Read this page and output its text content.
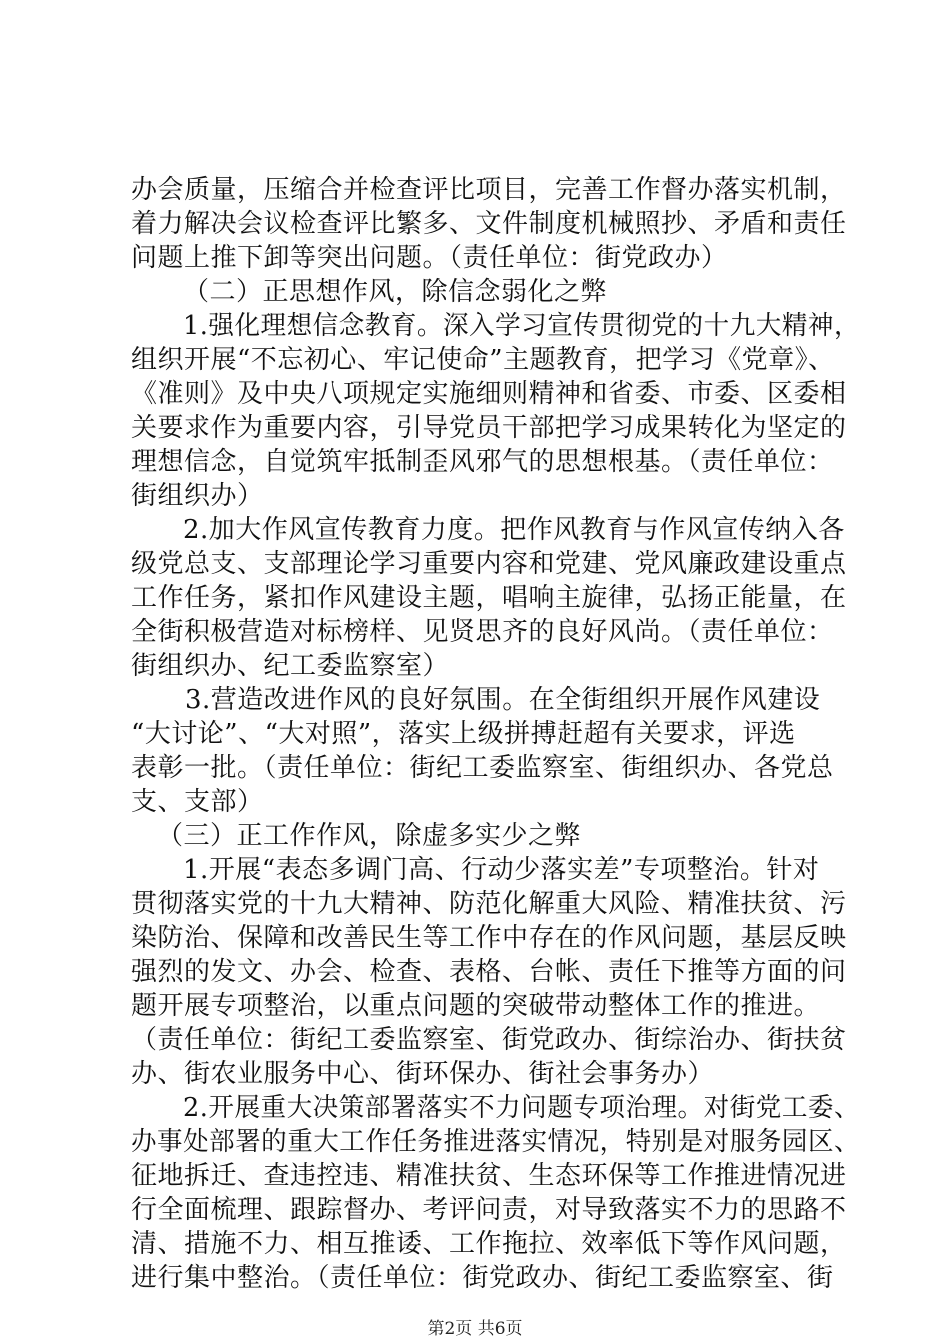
办会质量，压缩合并检查评比项目，完善工作督办落实机制，
着力解决会议检查评比繁多、文件制度机械照抄、矛盾和责任
问题上推下卸等突出问题。（责任单位：街党政办）
（二）正思想作风，除信念弱化之弊
1.强化理想信念教育。深入学习宣传贯彻党的十九大精神，
组织开展“不忘初心、牢记使命”主题教育，把学习《党章》、
《准则》及中央八项规定实施细则精神和省委、市委、区委相
关要求作为重要内容，引导党员干部把学习成果转化为坚定的
理想信念，自觉筑牢抵制歪风邪气的思想根基。（责任单位：
街组织办）
2.加大作风宣传教育力度。把作风教育与作风宣传纳入各
级党总支、支部理论学习重要内容和党建、党风廉政建设重点
工作任务，紧扣作风建设主题，唱响主旋律，弘扬正能量，在
全街积极营造对标榜样、见贤思齐的良好风尚。（责任单位：
街组织办、纪工委监察室）
3.营造改进作风的良好氛围。在全街组织开展作风建设
“大讨论”、“大对照”，落实上级拼搏赶超有关要求，评选
表彰一批。（责任单位：街纪工委监察室、街组织办、各党总
支、支部）
（三）正工作作风，除虚多实少之弊
1.开展“表态多调门高、行动少落实差”专项整治。针对
贯彻落实党的十九大精神、防范化解重大风险、精准扶贫、污
染防治、保障和改善民生等工作中存在的作风问题，基层反映
强烈的发文、办会、检查、表格、台帐、责任下推等方面的问
题开展专项整治，以重点问题的突破带动整体工作的推进。
（责任单位：街纪工委监察室、街党政办、街综治办、街扶贫
办、街农业服务中心、街环保办、街社会事务办）
2.开展重大决策部署落实不力问题专项治理。对街党工委、
办事处部署的重大工作任务推进落实情况，特别是对服务园区、
征地拆迁、查违控违、精准扶贫、生态环保等工作推进情况进
行全面梳理、跟踪督办、考评问责，对导致落实不力的思路不
清、措施不力、相互推诿、工作拖拉、效率低下等作风问题，
进行集中整治。（责任单位：街党政办、街纪工委监察室、街
第2页 共6页
